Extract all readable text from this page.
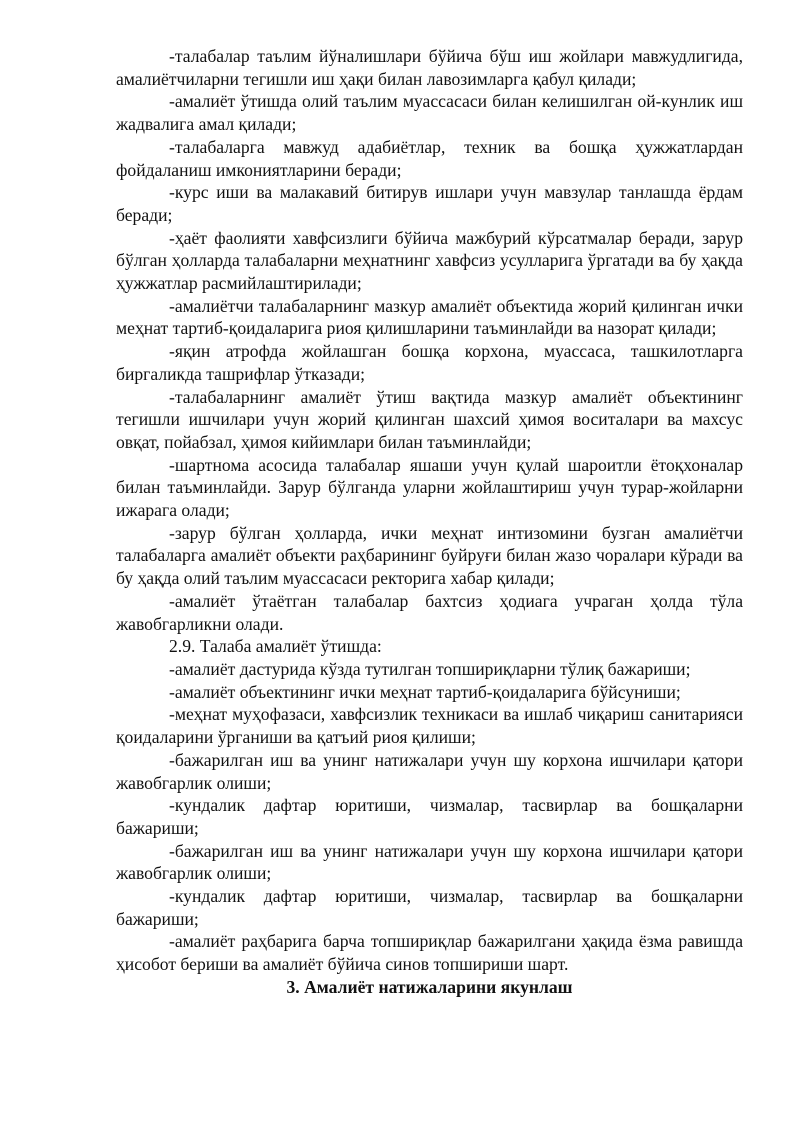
-талабалар таълим йўналишлари бўйича бўш иш жойлари мавжудлигида, амалиётчиларни тегишли иш ҳақи билан лавозимларга қабул қилади;

-амалиёт ўтишда олий таълим муассасаси билан келишилган ой-кунлик иш жадвалига амал қилади;

-талабаларга мавжуд адабиётлар, техник ва бошқа ҳужжатлардан фойдаланиш имкониятларини беради;

-курс иши ва малакавий битирув ишлари учун мавзулар танлашда ёрдам беради;

-ҳаёт фаолияти хавфсизлиги бўйича мажбурий кўрсатмалар беради, зарур бўлган ҳолларда талабаларни меҳнатнинг хавфсиз усулларига ўргатади ва бу ҳақда ҳужжатлар расмийлаштирилади;

-амалиётчи талабаларнинг мазкур амалиёт объектида жорий қилинган ички меҳнат тартиб-қоидаларига риоя қилишларини таъминлайди ва назорат қилади;

-яқин атрофда жойлашган бошқа корхона, муассаса, ташкилотларга биргаликда ташрифлар ўтказади;

-талабаларнинг амалиёт ўтиш вақтида мазкур амалиёт объектининг тегишли ишчилари учун жорий қилинган шахсий ҳимоя воситалари ва махсус овқат, пойабзал, ҳимоя кийимлари билан таъминлайди;

-шартнома асосида талабалар яшаши учун қулай шароитли ётоқхоналар билан таъминлайди. Зарур бўлганда уларни жойлаштириш учун турар-жойларни ижарага олади;

-зарур бўлган ҳолларда, ички меҳнат интизомини бузган амалиётчи талабаларга амалиёт объекти раҳбарининг буйруғи билан жазо чоралари кўради ва бу ҳақда олий таълим муассасаси ректорига хабар қилади;

-амалиёт ўтаётган талабалар бахтсиз ҳодиага учраган ҳолда тўла жавобгарликни олади.

2.9. Талаба амалиёт ўтишда:

-амалиёт дастурида кўзда тутилган топшириқларни тўлиқ бажариши;

-амалиёт объектининг ички меҳнат тартиб-қоидаларига бўйсуниши;

-меҳнат муҳофазаси, хавфсизлик техникаси ва ишлаб чиқариш санитарияси қоидаларини ўрганиши ва қатъий риоя қилиши;

-бажарилган иш ва унинг натижалари учун шу корхона ишчилари қатори жавобгарлик олиши;

-кундалик дафтар юритиши, чизмалар, тасвирлар ва бошқаларни бажариши;

-бажарилган иш ва унинг натижалари учун шу корхона ишчилари қатори жавобгарлик олиши;

-кундалик дафтар юритиши, чизмалар, тасвирлар ва бошқаларни бажариши;

-амалиёт раҳбарига барча топшириқлар бажарилгани ҳақида ёзма равишда ҳисобот бериши ва амалиёт бўйича синов топшириши шарт.

3. Амалиёт натижаларини якунлаш
